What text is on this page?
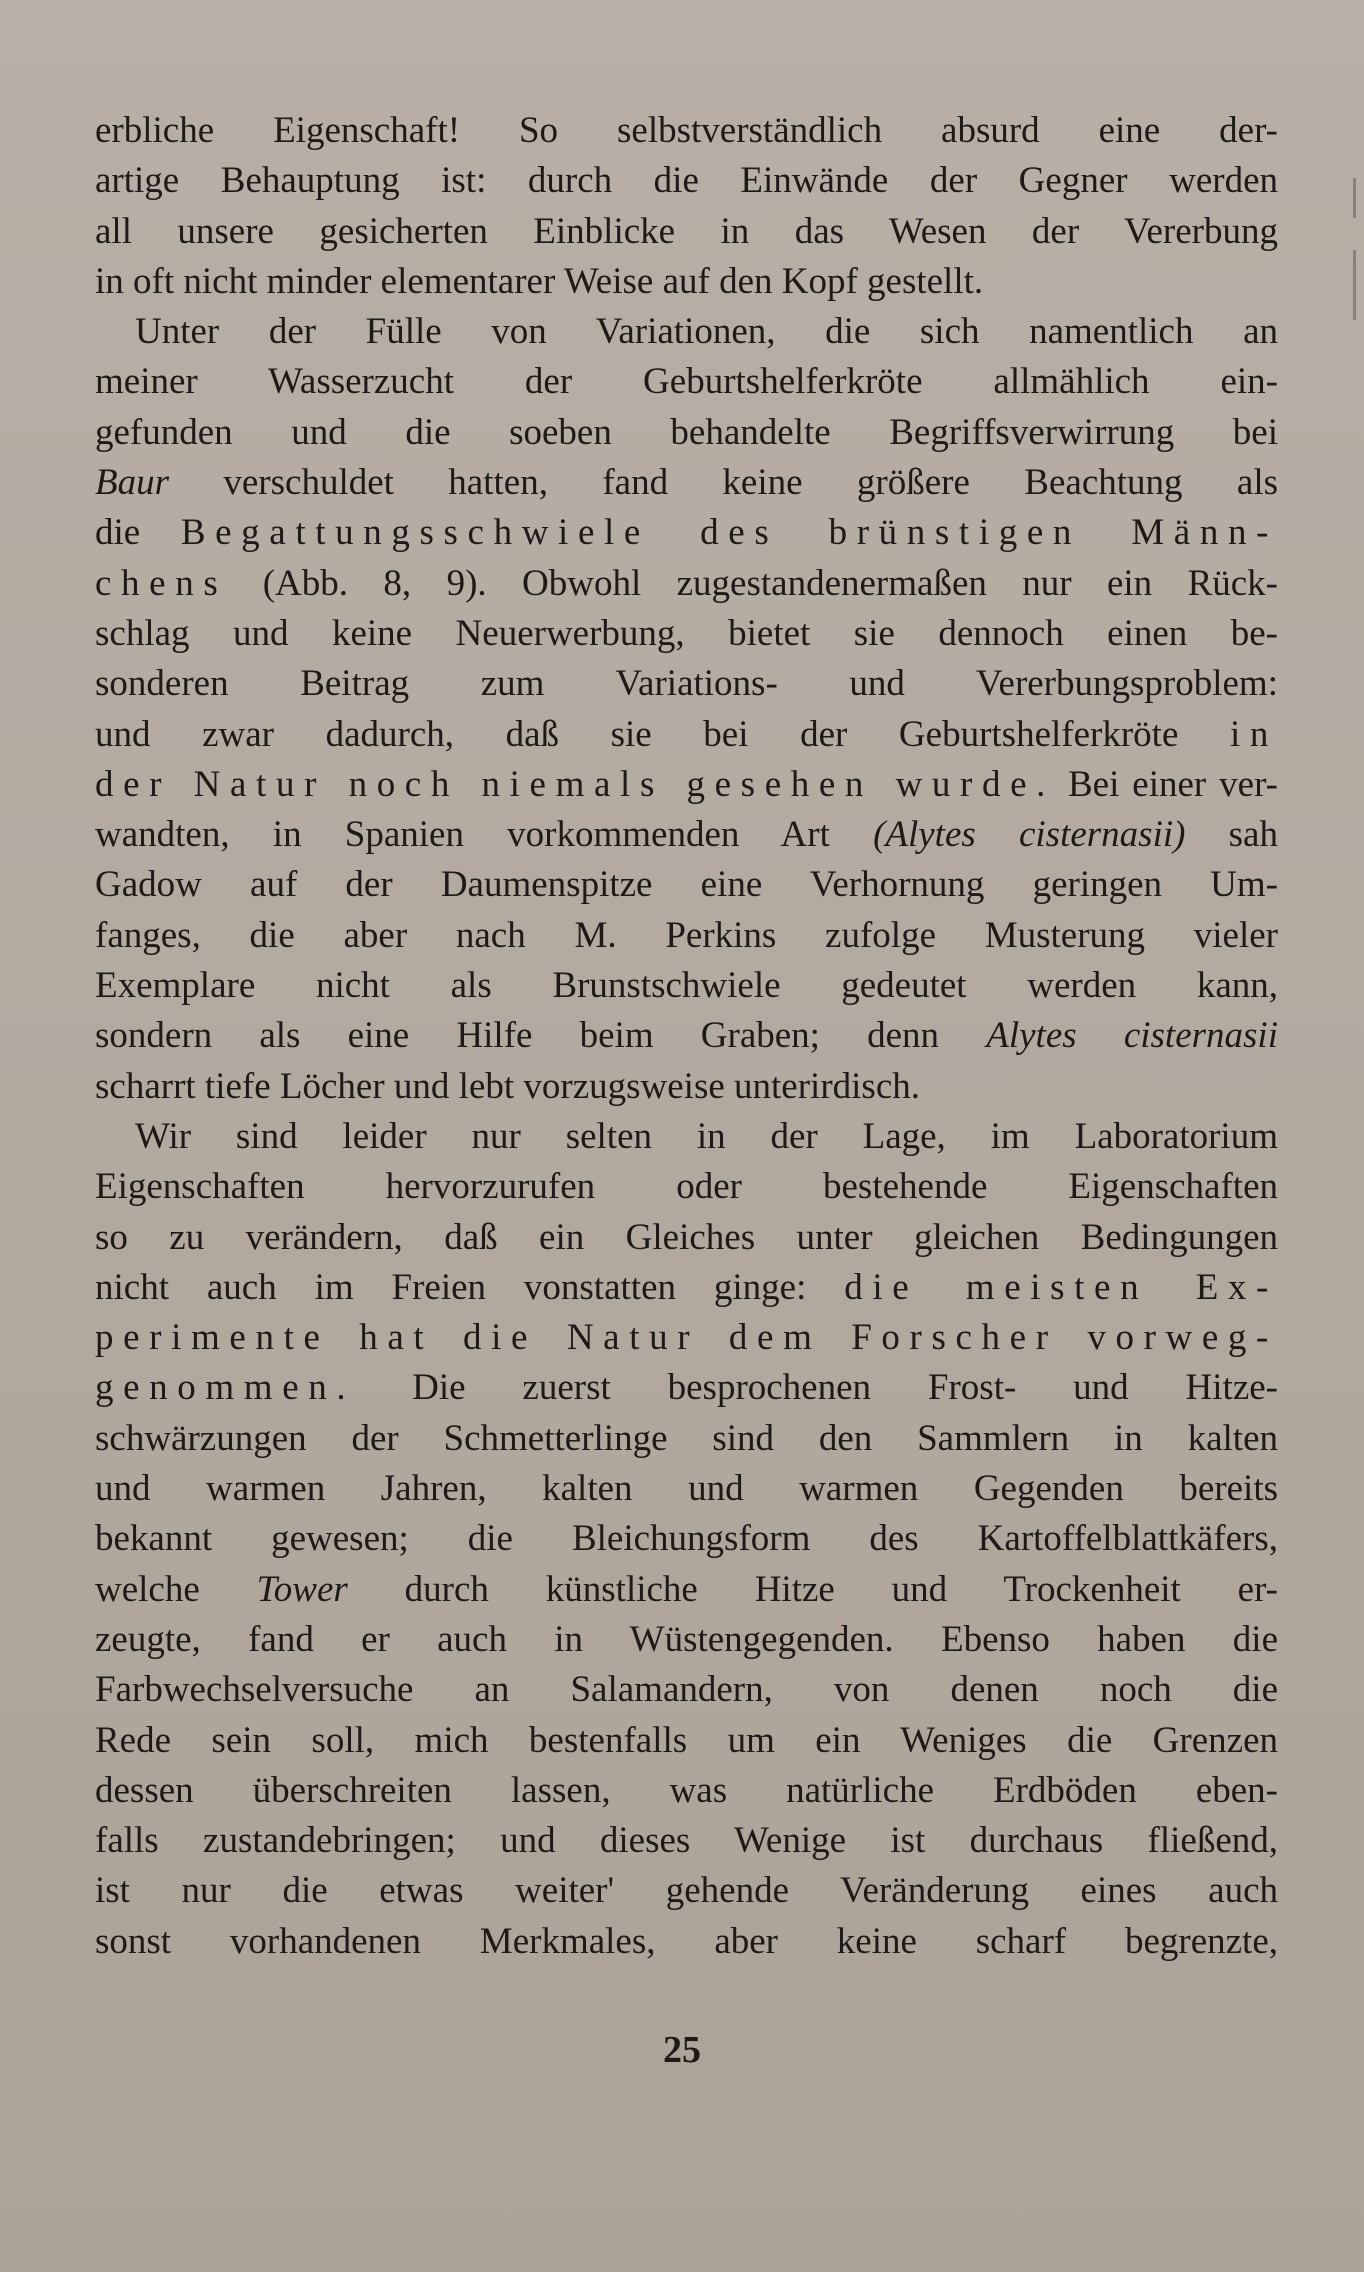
erbliche Eigenschaft! So selbstverständlich absurd eine der-
artige Behauptung ist: durch die Einwände der Gegner werden
all unsere gesicherten Einblicke in das Wesen der Vererbung
in oft nicht minder elementarer Weise auf den Kopf gestellt.
Unter der Fülle von Variationen, die sich namentlich an
meiner Wasserzucht der Geburtshelferkröte allmählich ein-
gefunden und die soeben behandelte Begriffsverwirrung bei
Baur verschuldet hatten, fand keine größere Beachtung als
die Begattungsschwiele des brünstigen Männ-
chens (Abb. 8, 9). Obwohl zugestandenermaßen nur ein Rück-
schlag und keine Neuerwerbung, bietet sie dennoch einen be-
sonderen Beitrag zum Variations- und Vererbungsproblem:
und zwar dadurch, daß sie bei der Geburtshelferkröte in
der Natur noch niemals gesehen wurde. Bei einer ver-
wandten, in Spanien vorkommenden Art (Alytes cisternasii) sah
Gadow auf der Daumenspitze eine Verhornung geringen Um-
fanges, die aber nach M. Perkins zufolge Musterung vieler
Exemplare nicht als Brunstschwiele gedeutet werden kann,
sondern als eine Hilfe beim Graben; denn Alytes cisternasii
scharrt tiefe Löcher und lebt vorzugsweise unterirdisch.
Wir sind leider nur selten in der Lage, im Laboratorium
Eigenschaften hervorzurufen oder bestehende Eigenschaften
so zu verändern, daß ein Gleiches unter gleichen Bedingungen
nicht auch im Freien vonstatten ginge: die meisten Ex-
perimente hat die Natur dem Forscher vorweg-
genommen. Die zuerst besprochenen Frost- und Hitze-
schwärzungen der Schmetterlinge sind den Sammlern in kalten
und warmen Jahren, kalten und warmen Gegenden bereits
bekannt gewesen; die Bleichungsform des Kartoffelblattkäfers,
welche Tower durch künstliche Hitze und Trockenheit er-
zeugte, fand er auch in Wüstengegenden. Ebenso haben die
Farbwechselversuche an Salamandern, von denen noch die
Rede sein soll, mich bestenfalls um ein Weniges die Grenzen
dessen überschreiten lassen, was natürliche Erdböden eben-
falls zustandebringen; und dieses Wenige ist durchaus fließend,
ist nur die etwas weiter' gehende Veränderung eines auch
sonst vorhandenen Merkmales, aber keine scharf begrenzte,
25
